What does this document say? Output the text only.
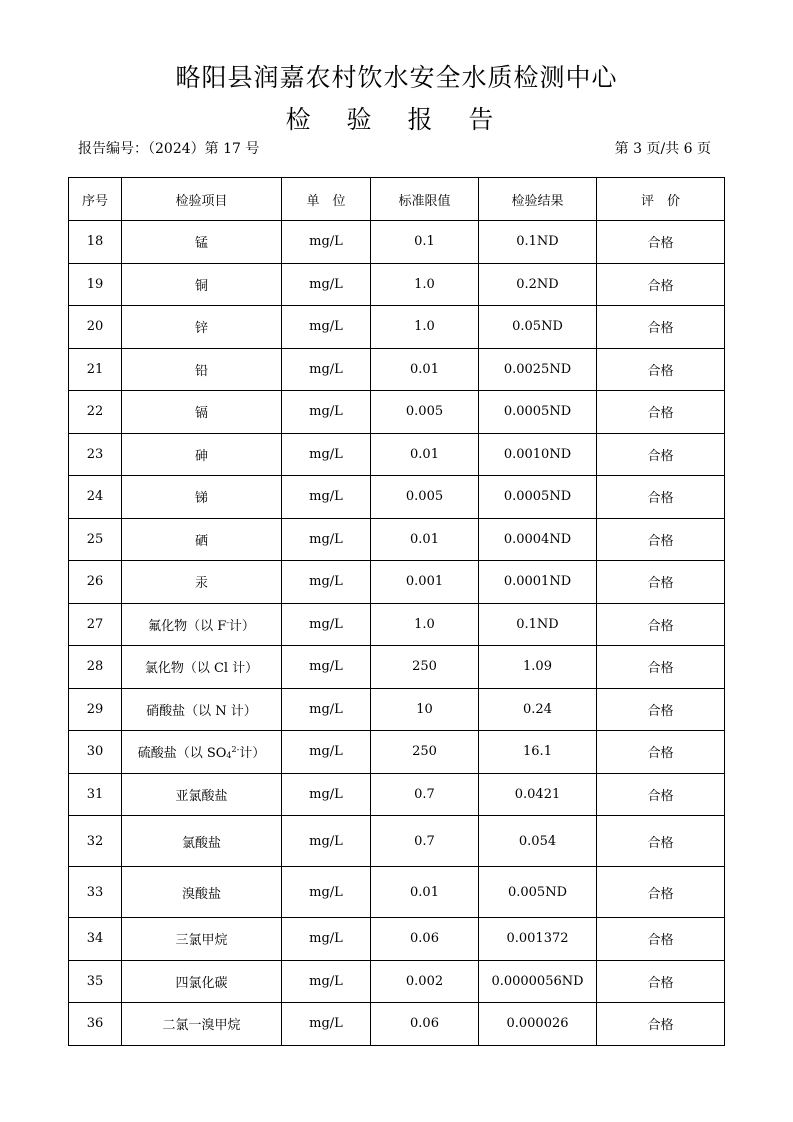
略阳县润嘉农村饮水安全水质检测中心
检 验 报 告
报告编号：（2024）第 17 号	第 3 页/共 6 页
序号	检验项目	单　位	标准限值	检验结果	评　价
18	锰	mg/L	0.1	0.1ND	合格
19	铜	mg/L	1.0	0.2ND	合格
20	锌	mg/L	1.0	0.05ND	合格
21	铅	mg/L	0.01	0.0025ND	合格
22	镉	mg/L	0.005	0.0005ND	合格
23	砷	mg/L	0.01	0.0010ND	合格
24	锑	mg/L	0.005	0.0005ND	合格
25	硒	mg/L	0.01	0.0004ND	合格
26	汞	mg/L	0.001	0.0001ND	合格
27	氟化物（以 F-计）	mg/L	1.0	0.1ND	合格
28	氯化物（以 Cl 计）	mg/L	250	1.09	合格
29	硝酸盐（以 N 计）	mg/L	10	0.24	合格
30	硫酸盐（以 $SO_4^{2-}$计）	mg/L	250	16.1	合格
31	亚氯酸盐	mg/L	0.7	0.0421	合格
32	氯酸盐	mg/L	0.7	0.054	合格
33	溴酸盐	mg/L	0.01	0.005ND	合格
34	三氯甲烷	mg/L	0.06	0.001372	合格
35	四氯化碳	mg/L	0.002	0.0000056ND	合格
36	二氯一溴甲烷	mg/L	0.06	0.000026	合格
